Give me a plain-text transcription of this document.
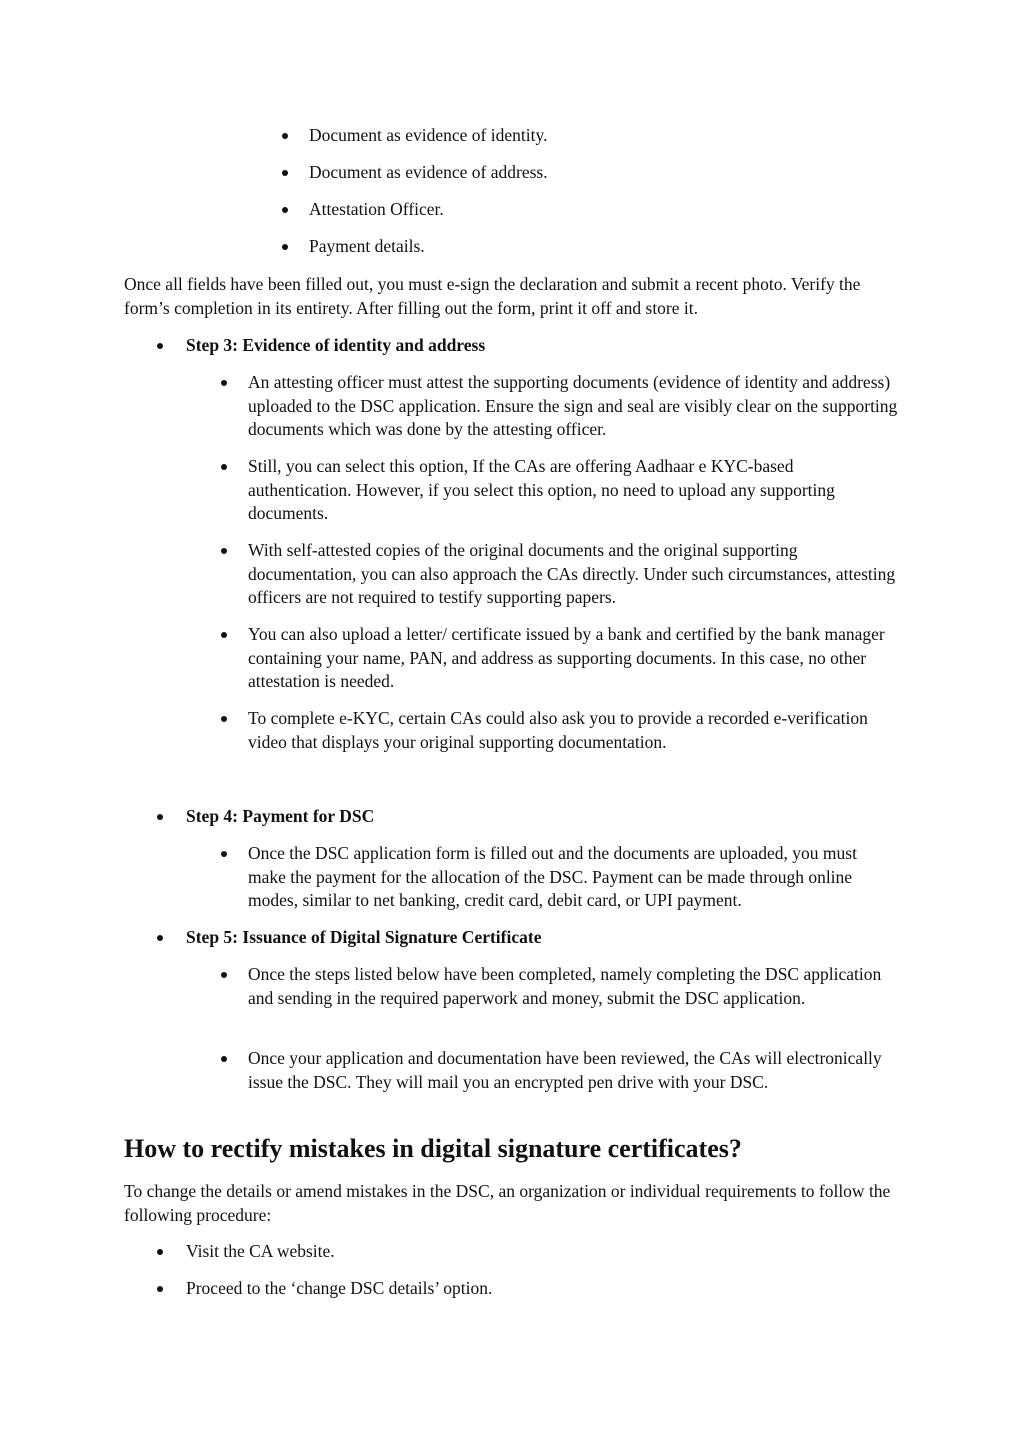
Document as evidence of identity.
Document as evidence of address.
Attestation Officer.
Payment details.

Once all fields have been filled out, you must e-sign the declaration and submit a recent photo. Verify the form’s completion in its entirety. After filling out the form, print it off and store it.

Step 3: Evidence of identity and address
An attesting officer must attest the supporting documents (evidence of identity and address) uploaded to the DSC application. Ensure the sign and seal are visibly clear on the supporting documents which was done by the attesting officer.
Still, you can select this option, If the CAs are offering Aadhaar e KYC-based authentication. However, if you select this option, no need to upload any supporting documents.
With self-attested copies of the original documents and the original supporting documentation, you can also approach the CAs directly. Under such circumstances, attesting officers are not required to testify supporting papers.
You can also upload a letter/ certificate issued by a bank and certified by the bank manager containing your name, PAN, and address as supporting documents. In this case, no other attestation is needed.
To complete e-KYC, certain CAs could also ask you to provide a recorded e-verification video that displays your original supporting documentation.
Step 4: Payment for DSC
Once the DSC application form is filled out and the documents are uploaded, you must make the payment for the allocation of the DSC. Payment can be made through online modes, similar to net banking, credit card, debit card, or UPI payment.
Step 5: Issuance of Digital Signature Certificate
Once the steps listed below have been completed, namely completing the DSC application and sending in the required paperwork and money, submit the DSC application.
Once your application and documentation have been reviewed, the CAs will electronically issue the DSC. They will mail you an encrypted pen drive with your DSC.
How to rectify mistakes in digital signature certificates?

To change the details or amend mistakes in the DSC, an organization or individual requirements to follow the following procedure:

Visit the CA website.
Proceed to the ‘change DSC details’ option.
